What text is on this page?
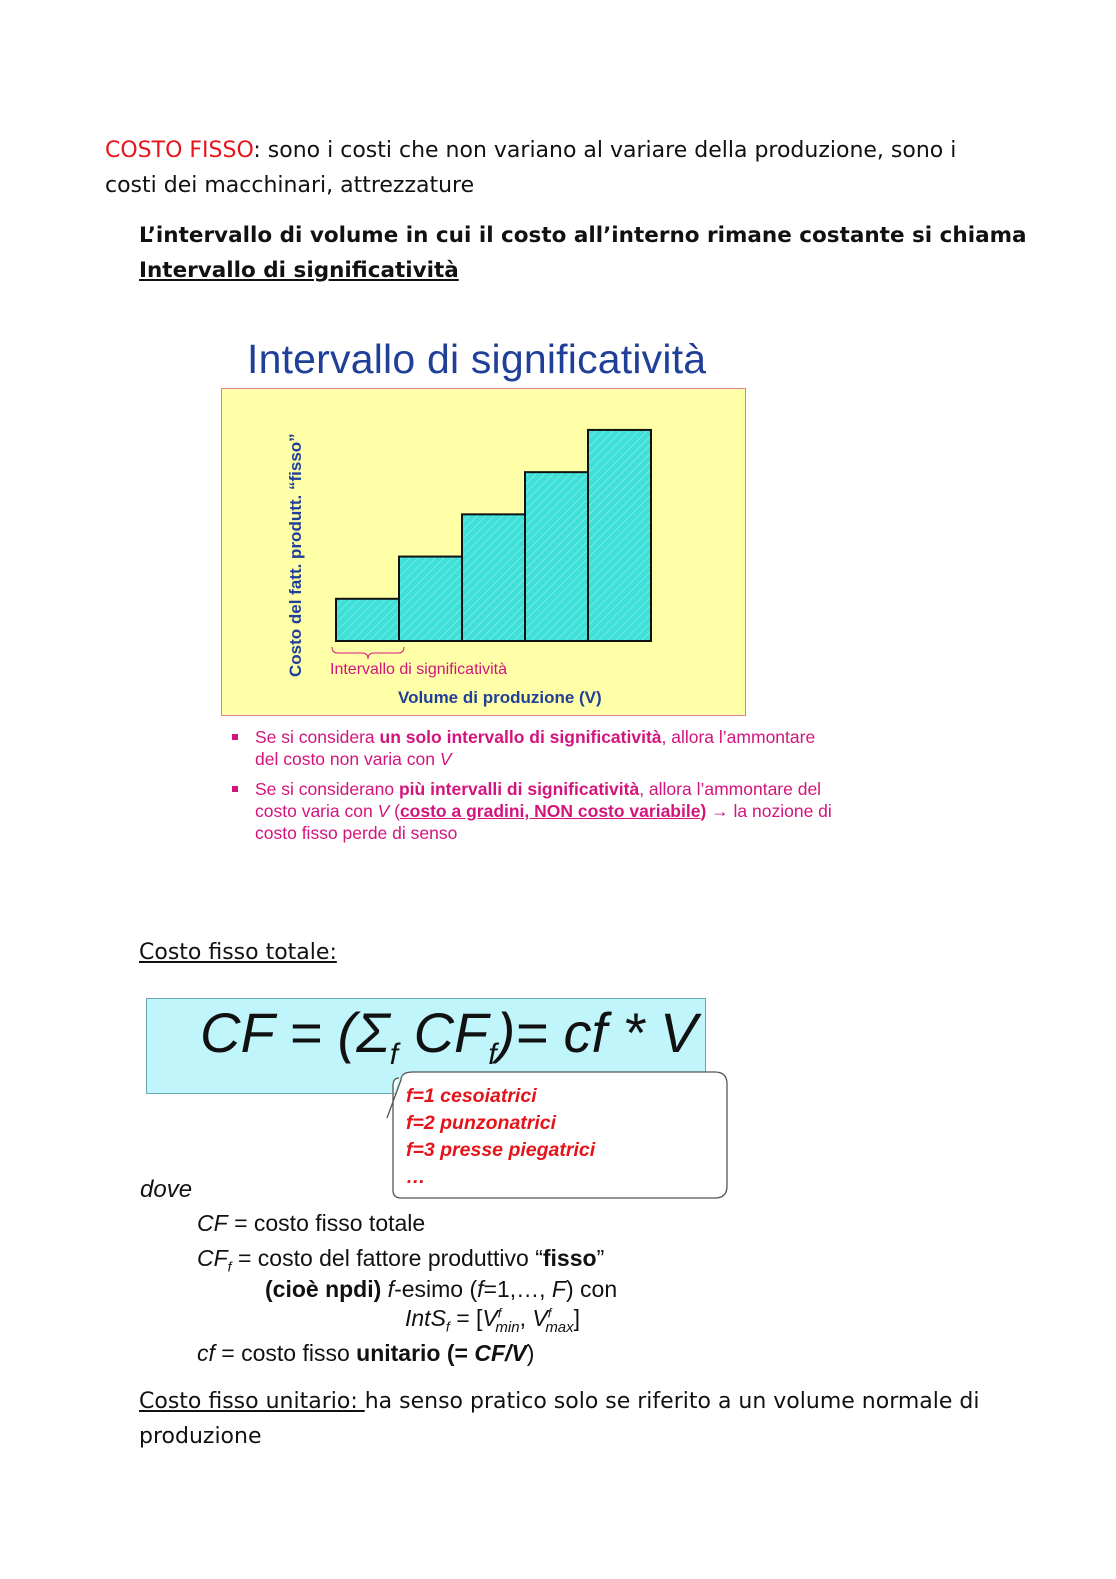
COSTO FISSO: sono i costi che non variano al variare della produzione, sono i costi dei macchinari, attrezzature
L’intervallo di volume in cui il costo all’interno rimane costante si chiama
Intervallo di significatività
Intervallo di significatività
Intervallo di significatività
Volume di produzione (V)
Costo del fatt. produtt. “fisso”
Se si considera un solo intervallo di significatività, allora l’ammontare del costo non varia con V
Se si considerano più intervalli di significatività, allora l’ammontare del costo varia con V (costo a gradini, NON costo variabile) → la nozione di costo fisso perde di senso
Costo fisso totale:
CF = ($\Sigma_f$ $CF_f)=$ cf * V
f=1 cesoiatrici
f=2 punzonatrici
f=3 presse piegatrici
…
dove
CF = costo fisso totale
$CF_f$ = costo del fattore produttivo “fisso”
(cioè npdi) f-esimo (f=1,…, F) con
IntS$_f$ = [$V^f_{min}$, $V^f_{max}$]
cf = costo fisso unitario (= CF/V)
Costo fisso unitario: ha senso pratico solo se riferito a un volume normale di produzione
